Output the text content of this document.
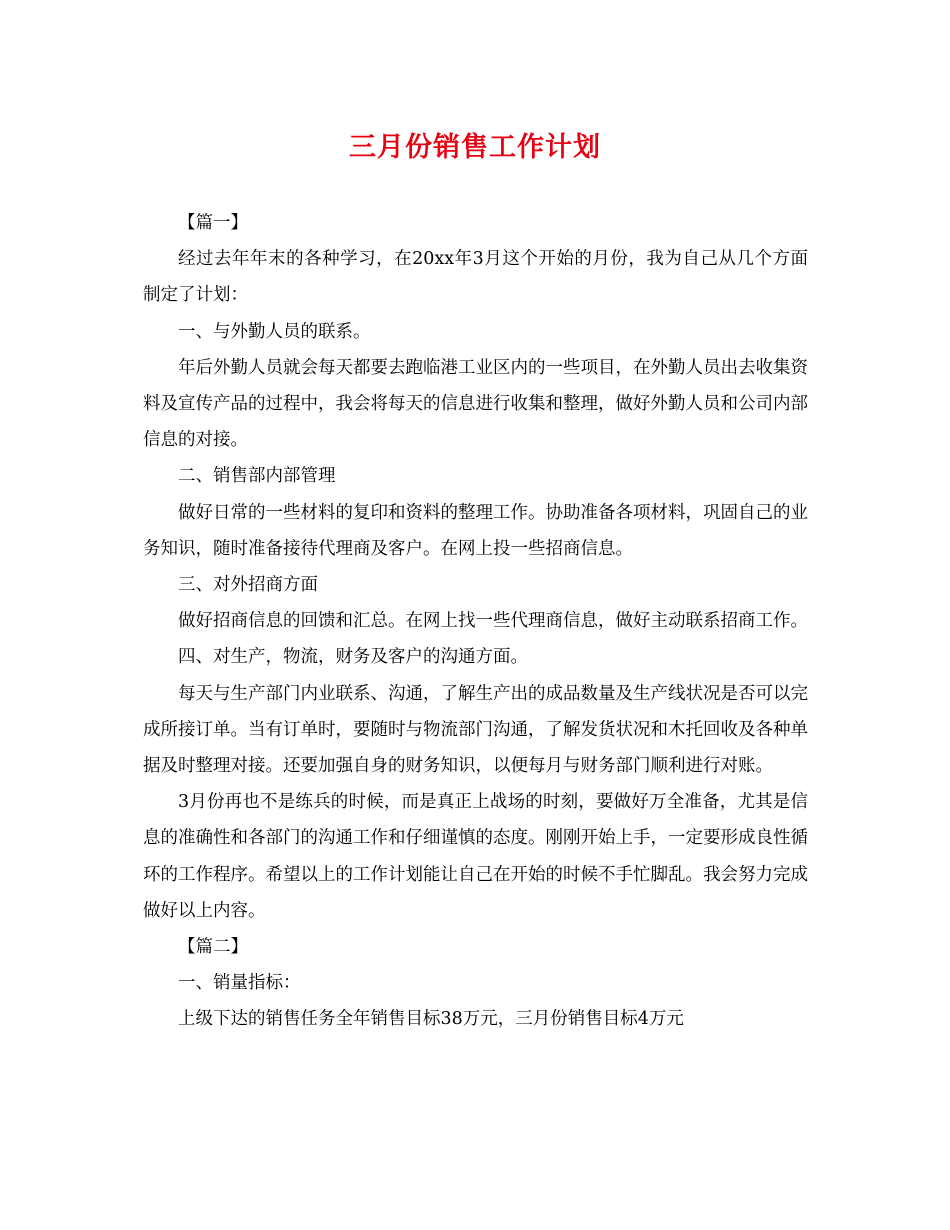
三月份销售工作计划

【篇一】

经过去年年末的各种学习，在20xx年3月这个开始的月份，我为自己从几个方面制定了计划：

一、与外勤人员的联系。

年后外勤人员就会每天都要去跑临港工业区内的一些项目，在外勤人员出去收集资料及宣传产品的过程中，我会将每天的信息进行收集和整理，做好外勤人员和公司内部信息的对接。

二、销售部内部管理

做好日常的一些材料的复印和资料的整理工作。协助准备各项材料，巩固自己的业务知识，随时准备接待代理商及客户。在网上投一些招商信息。

三、对外招商方面

做好招商信息的回馈和汇总。在网上找一些代理商信息，做好主动联系招商工作。

四、对生产，物流，财务及客户的沟通方面。

每天与生产部门内业联系、沟通，了解生产出的成品数量及生产线状况是否可以完成所接订单。当有订单时，要随时与物流部门沟通，了解发货状况和木托回收及各种单据及时整理对接。还要加强自身的财务知识，以便每月与财务部门顺利进行对账。

3月份再也不是练兵的时候，而是真正上战场的时刻，要做好万全准备，尤其是信息的准确性和各部门的沟通工作和仔细谨慎的态度。刚刚开始上手，一定要形成良性循环的工作程序。希望以上的工作计划能让自己在开始的时候不手忙脚乱。我会努力完成做好以上内容。

【篇二】

一、销量指标：

上级下达的销售任务全年销售目标38万元，三月份销售目标4万元
